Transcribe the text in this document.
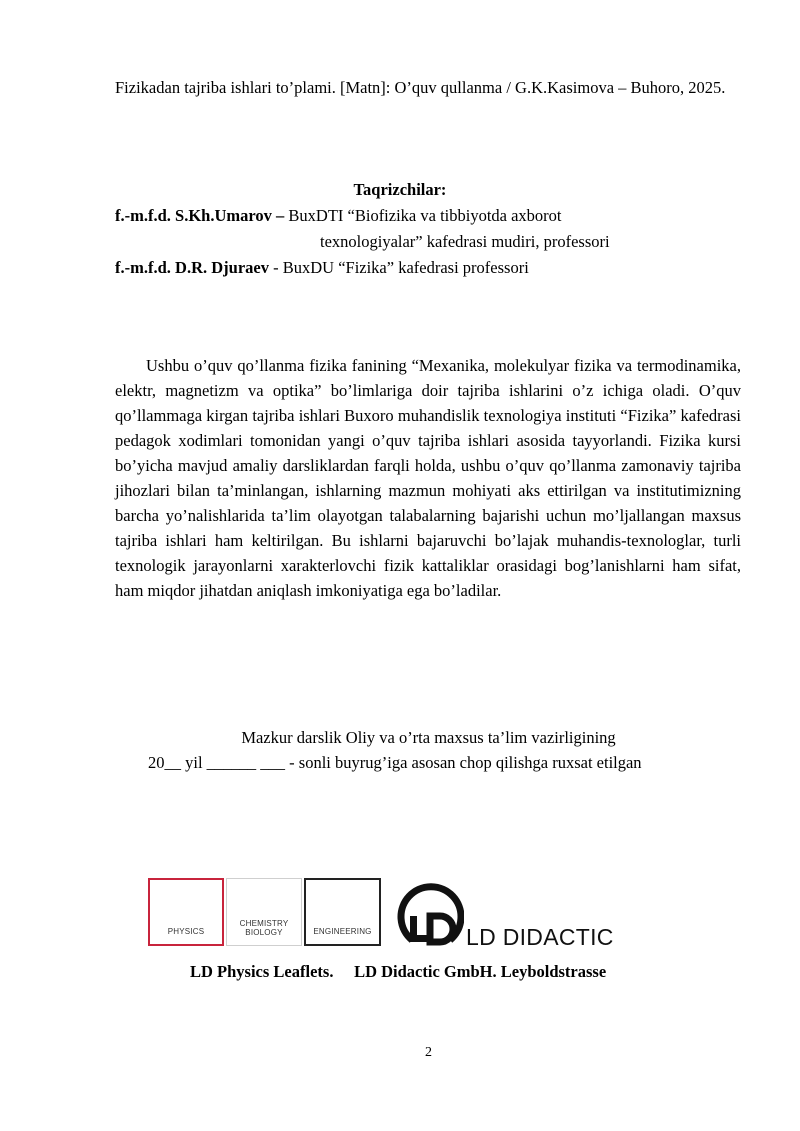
Fizikadan tajriba ishlari to’plami. [Matn]: O’quv qullanma / G.K.Kasimova – Buhoro, 2025.
Taqrizchilar:
f.-m.f.d. S.Kh.Umarov – BuxDTI “Biofizika va tibbiyotda axborot
texnologiyalar” kafedrasi mudiri, professori
f.-m.f.d. D.R. Djuraev - BuxDU “Fizika” kafedrasi professori

Ushbu o’quv qo’llanma fizika fanining “Mexanika, molekulyar fizika va termodinamika, elektr, magnetizm va optika” bo’limlariga doir tajriba ishlarini o’z ichiga oladi. O’quv qo’llammaga kirgan tajriba ishlari Buxoro muhandislik texnologiya instituti “Fizika” kafedrasi pedagok xodimlari tomonidan yangi o’quv tajriba ishlari asosida tayyorlandi. Fizika kursi bo’yicha mavjud amaliy darsliklardan farqli holda, ushbu o’quv qo’llanma zamonaviy tajriba jihozlari bilan ta’minlangan, ishlarning mazmun mohiyati aks ettirilgan va institutimizning barcha yo’nalishlarida ta’lim olayotgan talabalarning bajarishi uchun mo’ljallangan maxsus tajriba ishlari ham keltirilgan. Bu ishlarni bajaruvchi bo’lajak muhandis-texnologlar, turli texnologik jarayonlarni xarakterlovchi fizik kattaliklar orasidagi bog’lanishlarni ham sifat, ham miqdor jihatdan aniqlash imkoniyatiga ega bo’ladilar.

Mazkur darslik Oliy va o’rta maxsus ta’lim vazirligining
20__ yil ______ ___ - sonli buyrug’iga asosan chop qilishga ruxsat etilgan
PHYSICS
CHEMISTRY
BIOLOGY	ENGINEERING	LD DIDACTIC
LD Physics Leaflets.     LD Didactic GmbH. Leyboldstrasse
2
